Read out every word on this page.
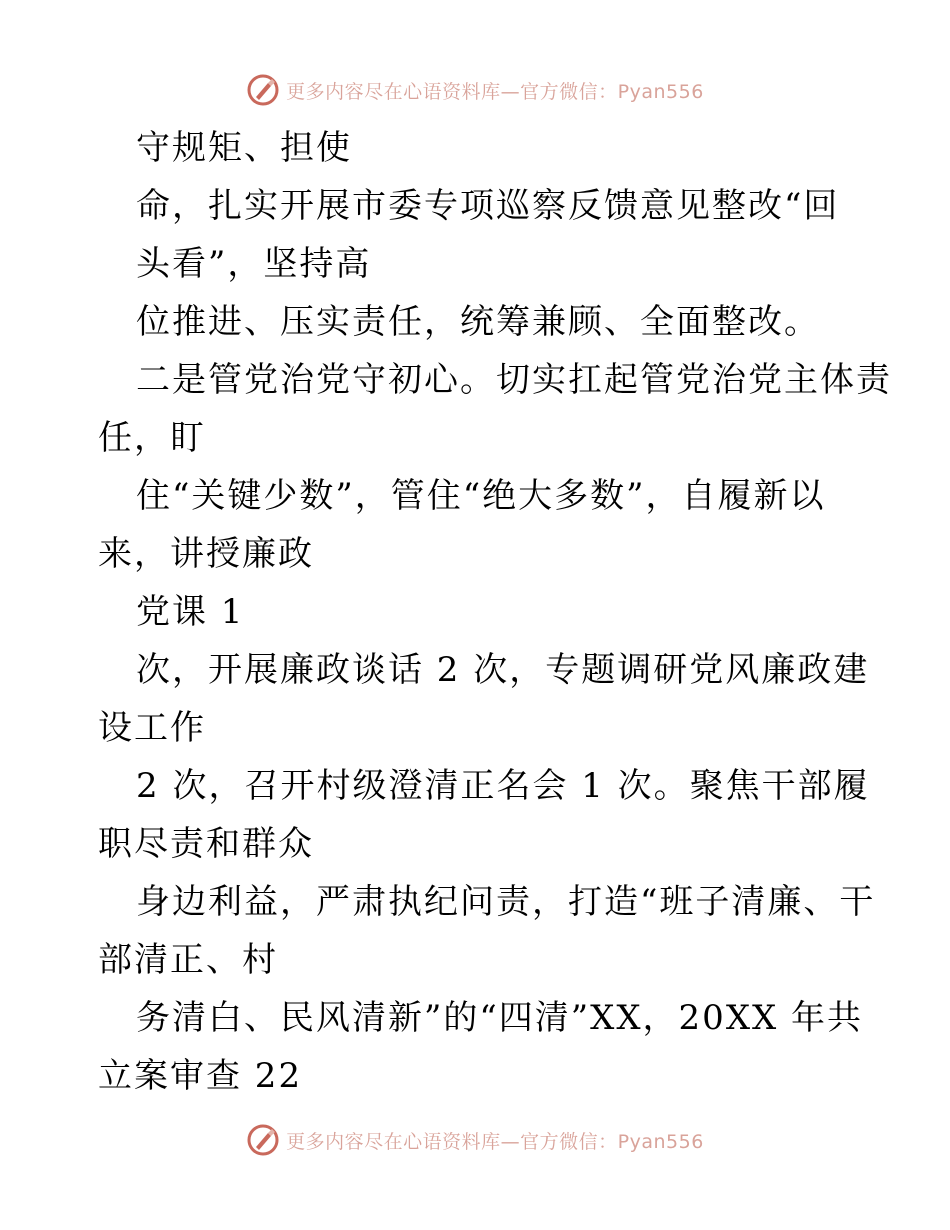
更多内容尽在心语资料库—官方微信：Pyan556
守规矩、担使
命，扎实开展市委专项巡察反馈意见整改“回
头看”，坚持高
位推进、压实责任，统筹兼顾、全面整改。
二是管党治党守初心。切实扛起管党治党主体责
任，盯
住“关键少数”，管住“绝大多数”，自履新以
来，讲授廉政
党课 1
次，开展廉政谈话 2 次，专题调研党风廉政建
设工作
2 次，召开村级澄清正名会 1 次。聚焦干部履
职尽责和群众
身边利益，严肃执纪问责，打造“班子清廉、干
部清正、村
务清白、民风清新”的“四清”XX，20XX 年共
立案审查 22
更多内容尽在心语资料库—官方微信：Pyan556
